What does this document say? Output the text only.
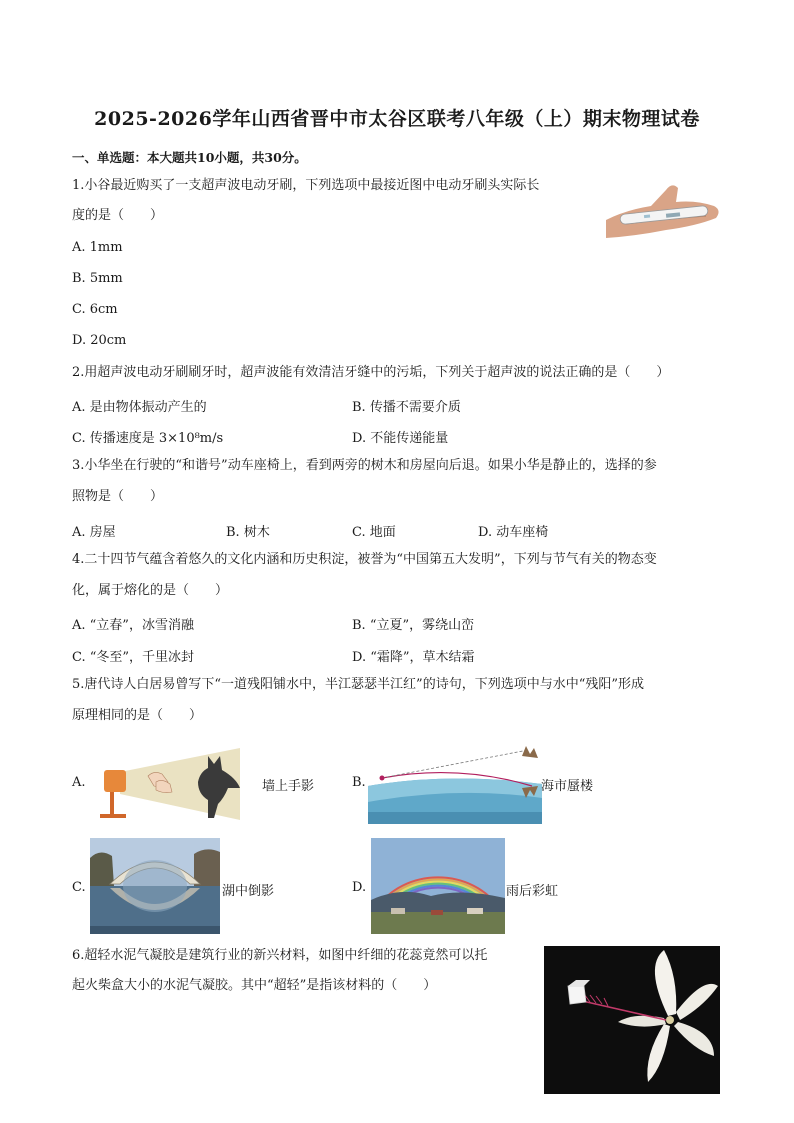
2025-2026学年山西省晋中市太谷区联考八年级（上）期末物理试卷
一、单选题：本大题共10小题，共30分。
1.小谷最近购买了一支超声波电动牙刷，下列选项中最接近图中电动牙刷头实际长
度的是（　　）
A. 1mm
B. 5mm
C. 6cm
D. 20cm
2.用超声波电动牙刷刷牙时，超声波能有效清洁牙缝中的污垢，下列关于超声波的说法正确的是（　　）
A. 是由物体振动产生的	B. 传播不需要介质
C. 传播速度是 3×10⁸m/s	D. 不能传递能量
3.小华坐在行驶的“和谐号”动车座椅上，看到两旁的树木和房屋向后退。如果小华是静止的，选择的参
照物是（　　）
A. 房屋	B. 树木	C. 地面	D. 动车座椅
4.二十四节气蕴含着悠久的文化内涵和历史积淀，被誉为“中国第五大发明”，下列与节气有关的物态变
化，属于熔化的是（　　）
A. “立春”，冰雪消融	B. “立夏”，雾绕山峦
C. “冬至”，千里冰封	D. “霜降”，草木结霜
5.唐代诗人白居易曾写下“一道残阳铺水中，半江瑟瑟半江红”的诗句，下列选项中与水中“残阳”形成
原理相同的是（　　）
A.	墙上手影	B.	海市蜃楼
C.	湖中倒影	D.	雨后彩虹
6.超轻水泥气凝胶是建筑行业的新兴材料，如图中纤细的花蕊竟然可以托
起火柴盒大小的水泥气凝胶。其中“超轻”是指该材料的（　　）
